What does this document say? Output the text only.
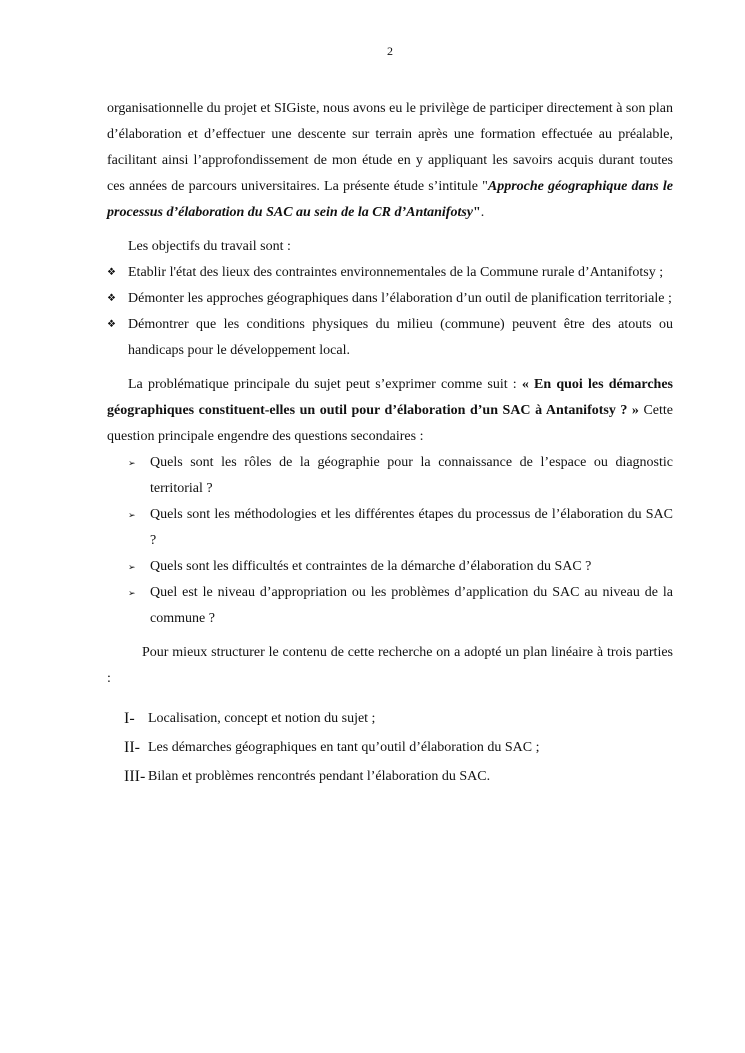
2

organisationnelle du projet et SIGiste, nous avons eu le privilège de participer directement à son plan d’élaboration et d’effectuer une descente sur terrain après une formation effectuée au préalable, facilitant ainsi l’approfondissement de mon étude en y appliquant les savoirs acquis durant toutes ces années de parcours universitaires. La présente étude s’intitule "Approche géographique dans le processus d’élaboration du SAC au sein de la CR d’Antanifotsy".

Les objectifs du travail sont :

❖ Etablir l'état des lieux des contraintes environnementales de la Commune rurale d’Antanifotsy ;
❖ Démonter les approches géographiques dans l’élaboration d’un outil de planification territoriale ;
❖ Démontrer que les conditions physiques du milieu (commune) peuvent être des atouts ou handicaps pour le développement local.

La problématique principale du sujet peut s’exprimer comme suit : « En quoi les démarches géographiques constituent-elles un outil pour d’élaboration d’un SAC à Antanifotsy ? » Cette question principale engendre des questions secondaires :

➢ Quels sont les rôles de la géographie pour la connaissance de l’espace ou diagnostic territorial ?
➢ Quels sont les méthodologies et les différentes étapes du processus de l’élaboration du SAC ?
➢ Quels sont les difficultés et contraintes de la démarche d’élaboration du SAC ?
➢ Quel est le niveau d’appropriation ou les problèmes d’application du SAC au niveau de la commune ?

Pour mieux structurer le contenu de cette recherche on a adopté un plan linéaire à trois parties :

I- Localisation, concept et notion du sujet ;
II- Les démarches géographiques en tant qu’outil d’élaboration du SAC ;
III- Bilan et problèmes rencontrés pendant l’élaboration du SAC.
